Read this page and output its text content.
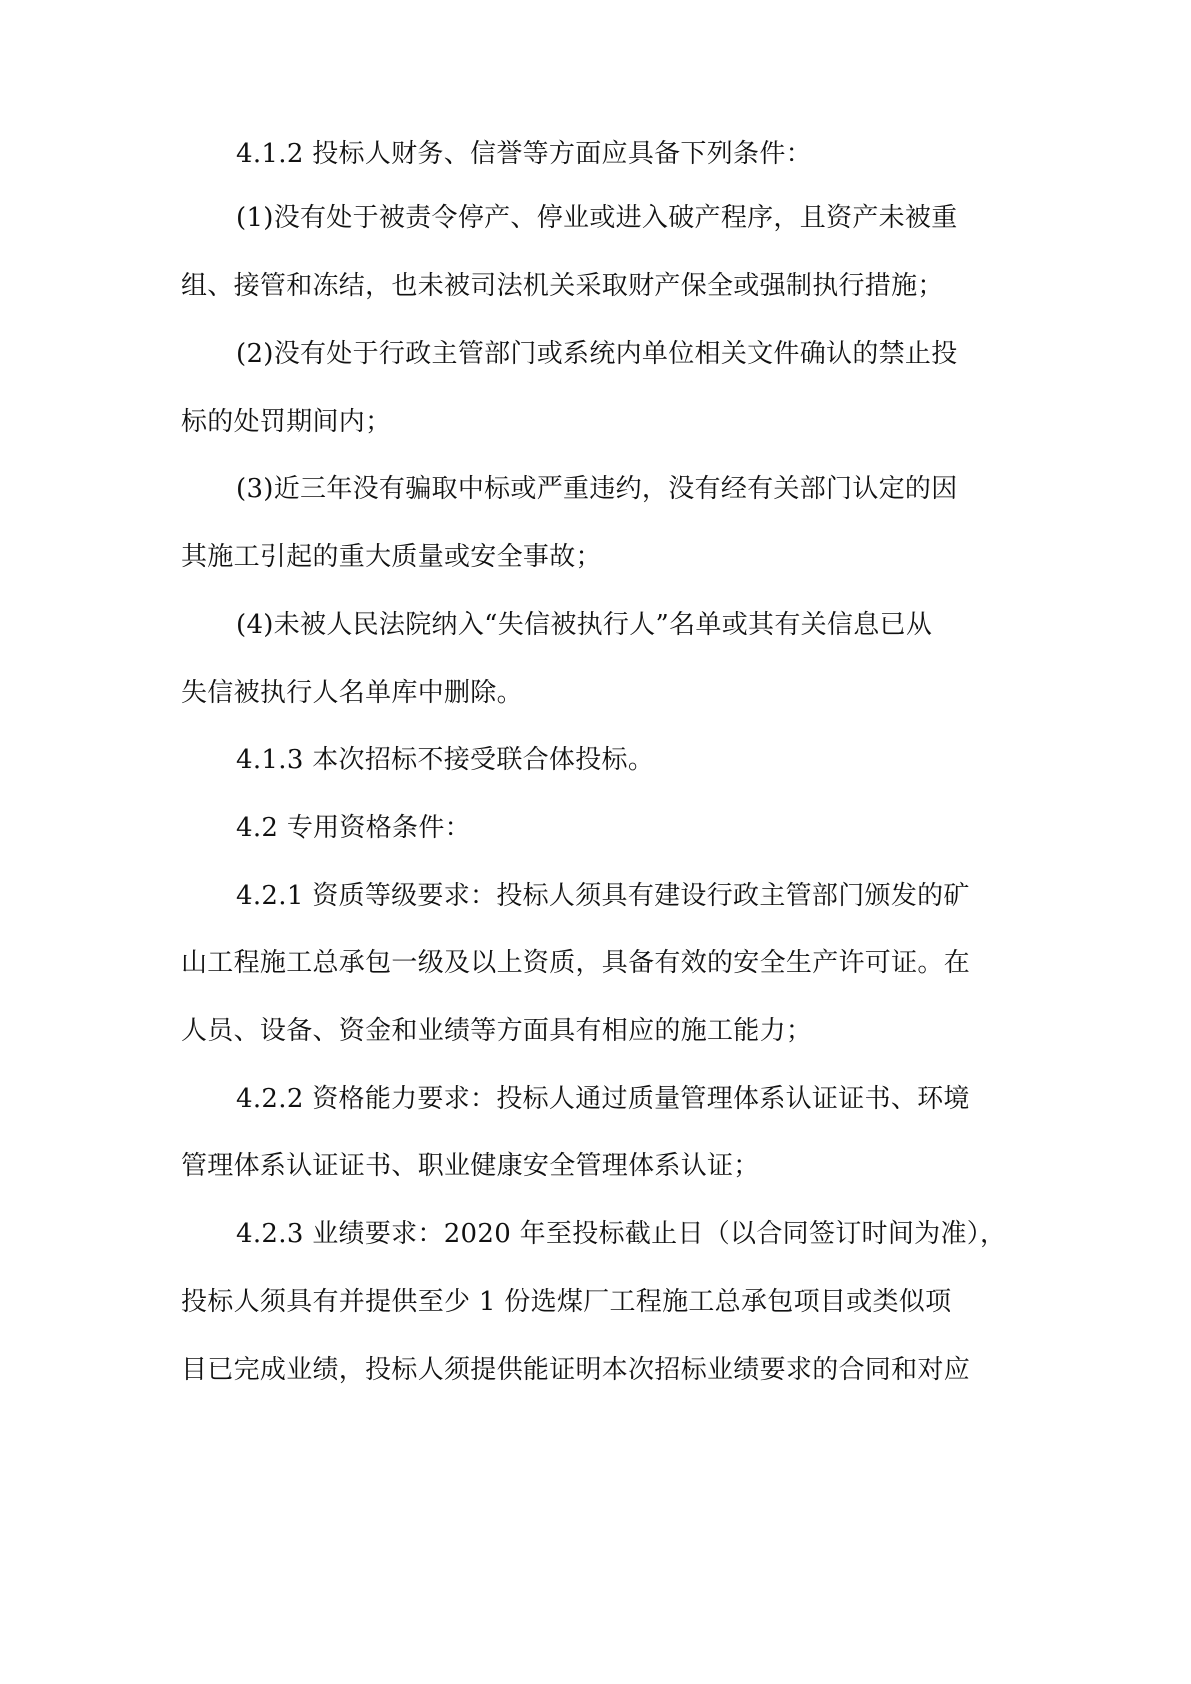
4.1.2 投标人财务、信誉等方面应具备下列条件：
(1)没有处于被责令停产、停业或进入破产程序，且资产未被重
组、接管和冻结，也未被司法机关采取财产保全或强制执行措施；
(2)没有处于行政主管部门或系统内单位相关文件确认的禁止投
标的处罚期间内；
(3)近三年没有骗取中标或严重违约，没有经有关部门认定的因
其施工引起的重大质量或安全事故；
(4)未被人民法院纳入“失信被执行人”名单或其有关信息已从
失信被执行人名单库中删除。
4.1.3 本次招标不接受联合体投标。
4.2 专用资格条件：
4.2.1 资质等级要求：投标人须具有建设行政主管部门颁发的矿
山工程施工总承包一级及以上资质，具备有效的安全生产许可证。在
人员、设备、资金和业绩等方面具有相应的施工能力；
4.2.2 资格能力要求：投标人通过质量管理体系认证证书、环境
管理体系认证证书、职业健康安全管理体系认证；
4.2.3 业绩要求：2020 年至投标截止日（以合同签订时间为准），
投标人须具有并提供至少 1 份选煤厂工程施工总承包项目或类似项
目已完成业绩，投标人须提供能证明本次招标业绩要求的合同和对应
